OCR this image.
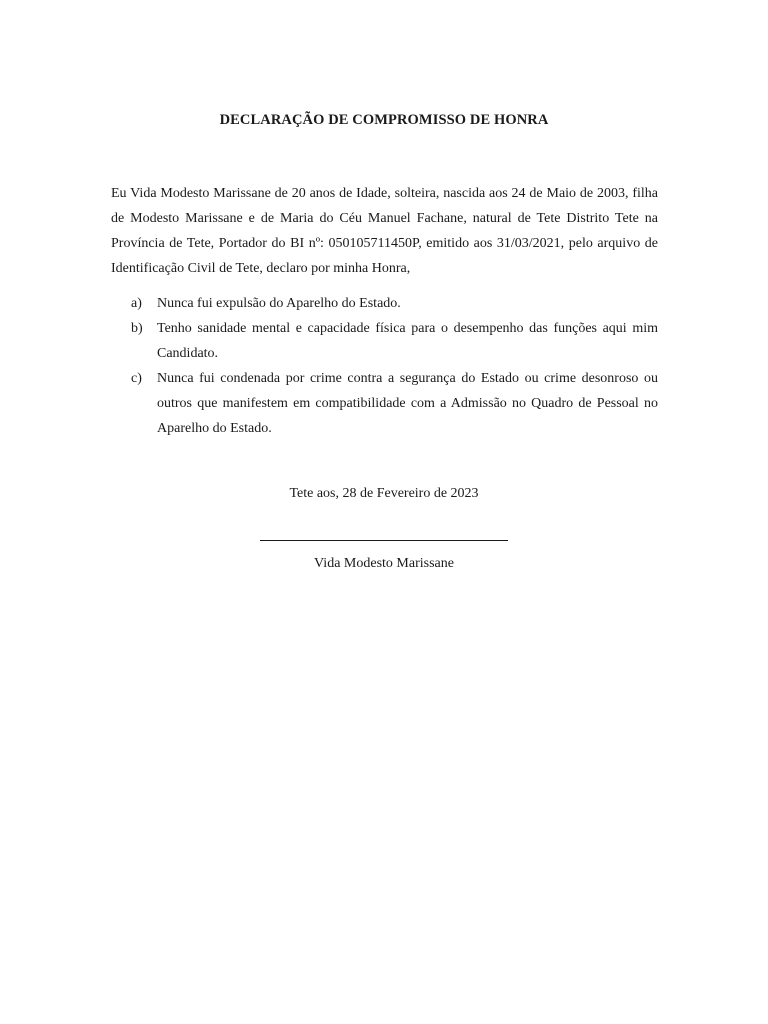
DECLARAÇÃO DE COMPROMISSO DE HONRA

Eu Vida Modesto Marissane de 20 anos de Idade, solteira, nascida aos 24 de Maio de 2003, filha de Modesto Marissane e de Maria do Céu Manuel Fachane, natural de Tete Distrito Tete na Província de Tete, Portador do BI nº: 050105711450P, emitido aos 31/03/2021, pelo arquivo de Identificação Civil de Tete, declaro por minha Honra,

a) Nunca fui expulsão do Aparelho do Estado.
b) Tenho sanidade mental e capacidade física para o desempenho das funções aqui mim Candidato.
c) Nunca fui condenada por crime contra a segurança do Estado ou crime desonroso ou outros que manifestem em compatibilidade com a Admissão no Quadro de Pessoal no Aparelho do Estado.
Tete aos, 28 de Fevereiro de 2023
Vida Modesto Marissane
